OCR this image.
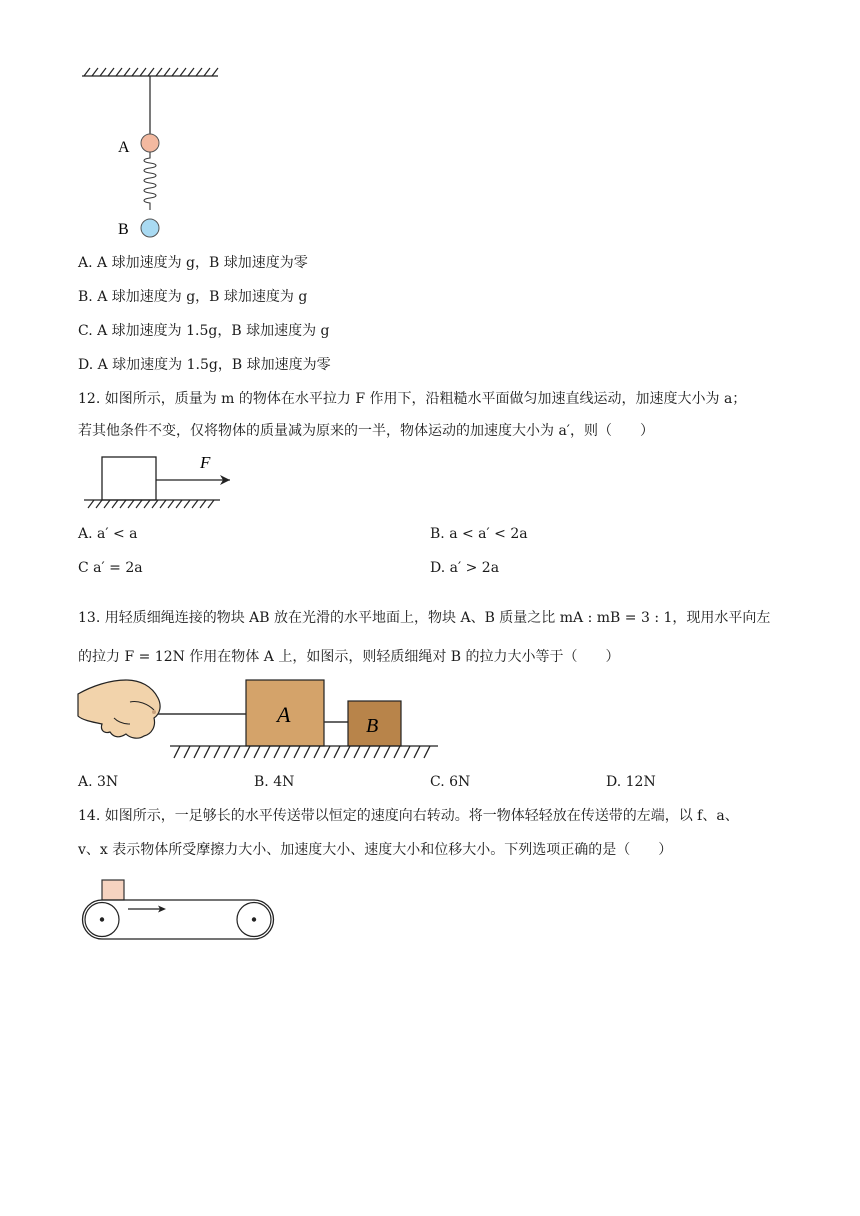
A
B
A. A 球加速度为 g，B 球加速度为零
B. A 球加速度为 g，B 球加速度为 g
C. A 球加速度为 1.5g，B 球加速度为 g
D. A 球加速度为 1.5g，B 球加速度为零
12. 如图所示，质量为 m 的物体在水平拉力 F 作用下，沿粗糙水平面做匀加速直线运动，加速度大小为 a；
若其他条件不变，仅将物体的质量减为原来的一半，物体运动的加速度大小为 a′，则（　　）
F
A. a′ < a	B. a < a′ < 2a
C a′ = 2a	D. a′ > 2a
13. 用轻质细绳连接的物块 AB 放在光滑的水平地面上，物块 A、B 质量之比 mA : mB = 3 : 1，现用水平向左
的拉力 F = 12N 作用在物体 A 上，如图示，则轻质细绳对 B 的拉力大小等于（　　）
A	B
A. 3N	B. 4N	C. 6N	D. 12N
14. 如图所示，一足够长的水平传送带以恒定的速度向右转动。将一物体轻轻放在传送带的左端，以 f、a、
v、x 表示物体所受摩擦力大小、加速度大小、速度大小和位移大小。下列选项正确的是（　　）
